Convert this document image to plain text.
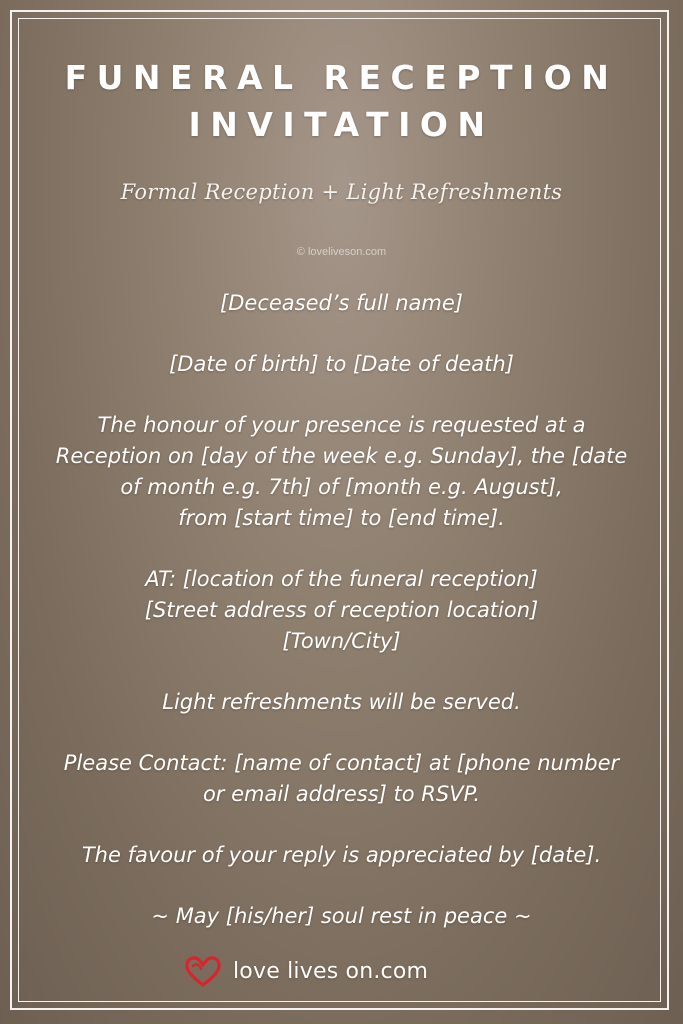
FUNERAL RECEPTION
INVITATION
Formal Reception + Light Refreshments
© loveliveson.com
[Deceased’s full name]
[Date of birth] to [Date of death]
The honour of your presence is requested at a
Reception on [day of the week e.g. Sunday], the [date
of month e.g. 7th] of [month e.g. August],
from [start time] to [end time].
AT: [location of the funeral reception]
[Street address of reception location]
[Town/City]
Light refreshments will be served.
Please Contact: [name of contact] at [phone number
or email address] to RSVP.
The favour of your reply is appreciated by [date].
~ May [his/her] soul rest in peace ~
love lives on.com
